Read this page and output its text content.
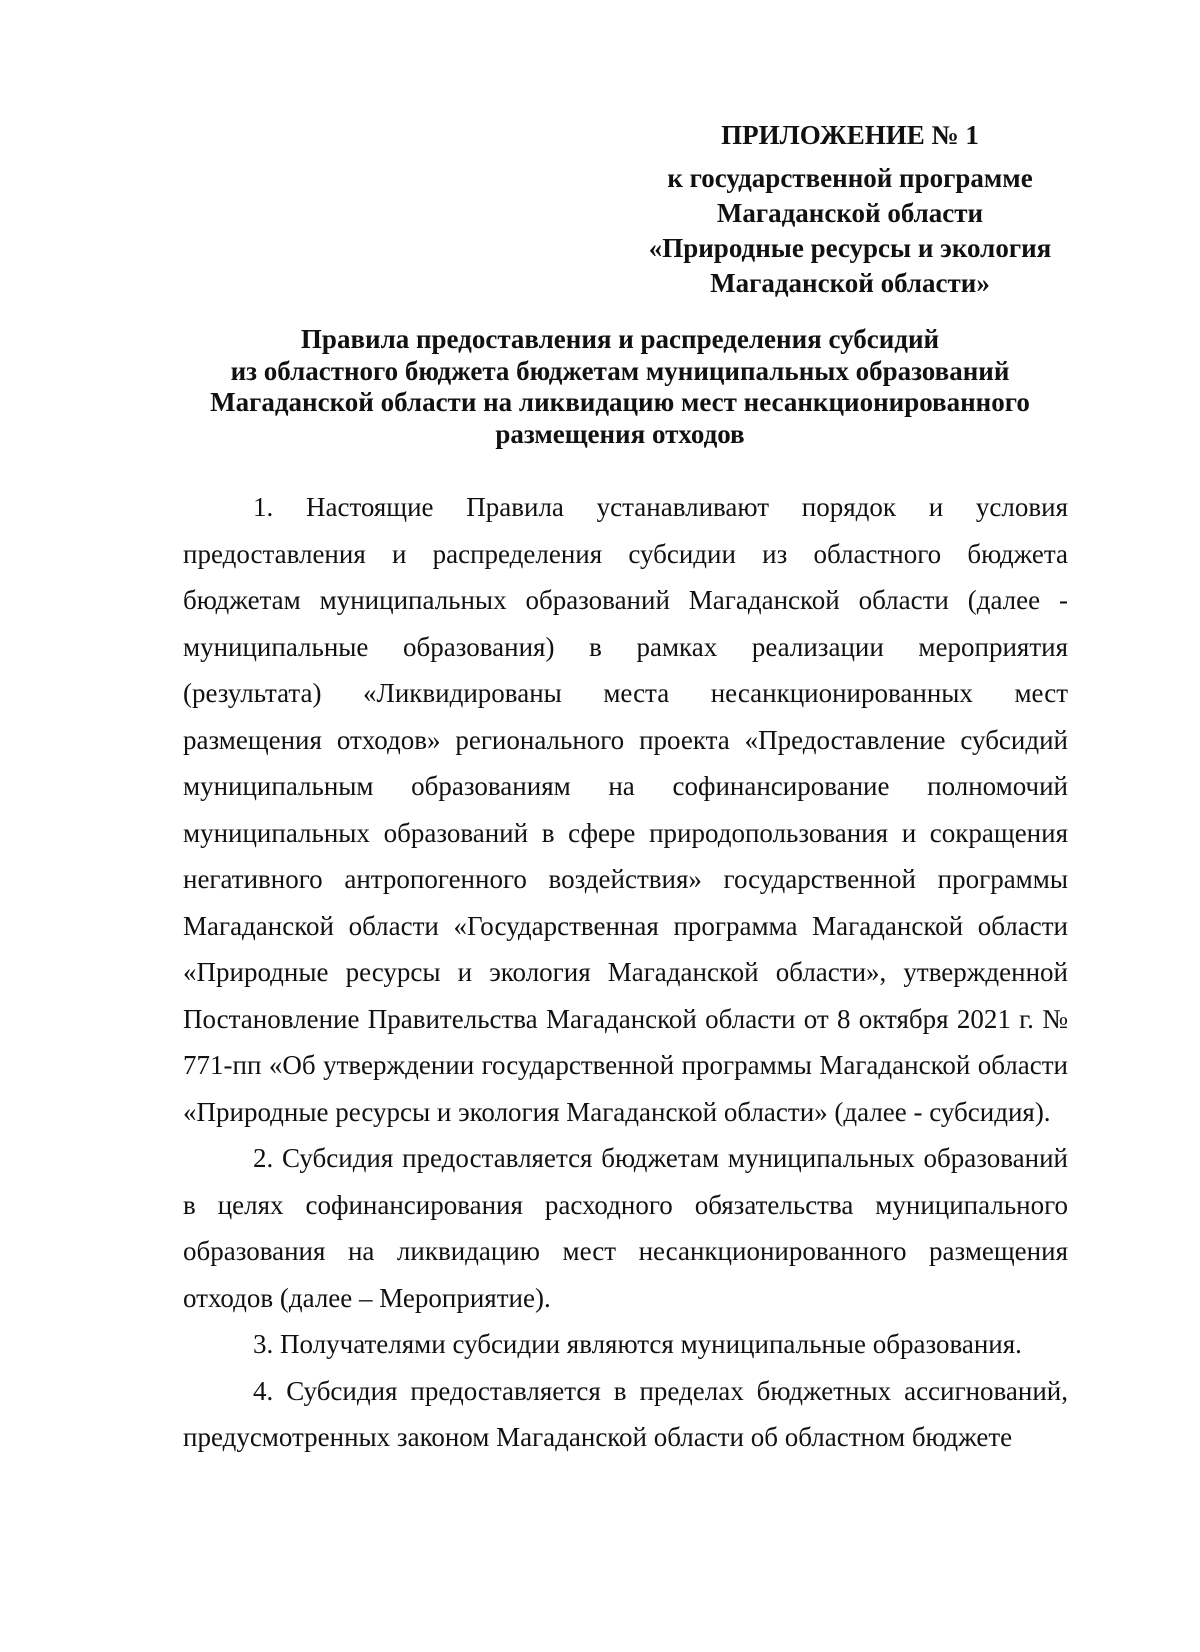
ПРИЛОЖЕНИЕ № 1
к государственной программе
Магаданской области
«Природные ресурсы и экология
Магаданской области»
Правила предоставления и распределения субсидий
из областного бюджета бюджетам муниципальных образований
Магаданской области на ликвидацию мест несанкционированного
размещения отходов

1. Настоящие Правила устанавливают порядок и условия предоставления и распределения субсидии из областного бюджета бюджетам муниципальных образований Магаданской области (далее - муниципальные образования) в рамках реализации мероприятия (результата) «Ликвидированы места несанкционированных мест размещения отходов» регионального проекта «Предоставление субсидий муниципальным образованиям на софинансирование полномочий муниципальных образований в сфере природопользования и сокращения негативного антропогенного воздействия» государственной программы Магаданской области «Государственная программа Магаданской области «Природные ресурсы и экология Магаданской области», утвержденной Постановление Правительства Магаданской области от 8 октября 2021 г. № 771-пп «Об утверждении государственной программы Магаданской области «Природные ресурсы и экология Магаданской области» (далее - субсидия).

2. Субсидия предоставляется бюджетам муниципальных образований в целях софинансирования расходного обязательства муниципального образования на ликвидацию мест несанкционированного размещения отходов (далее – Мероприятие).

3. Получателями субсидии являются муниципальные образования.

4. Субсидия предоставляется в пределах бюджетных ассигнований, предусмотренных законом Магаданской области об областном бюджете
